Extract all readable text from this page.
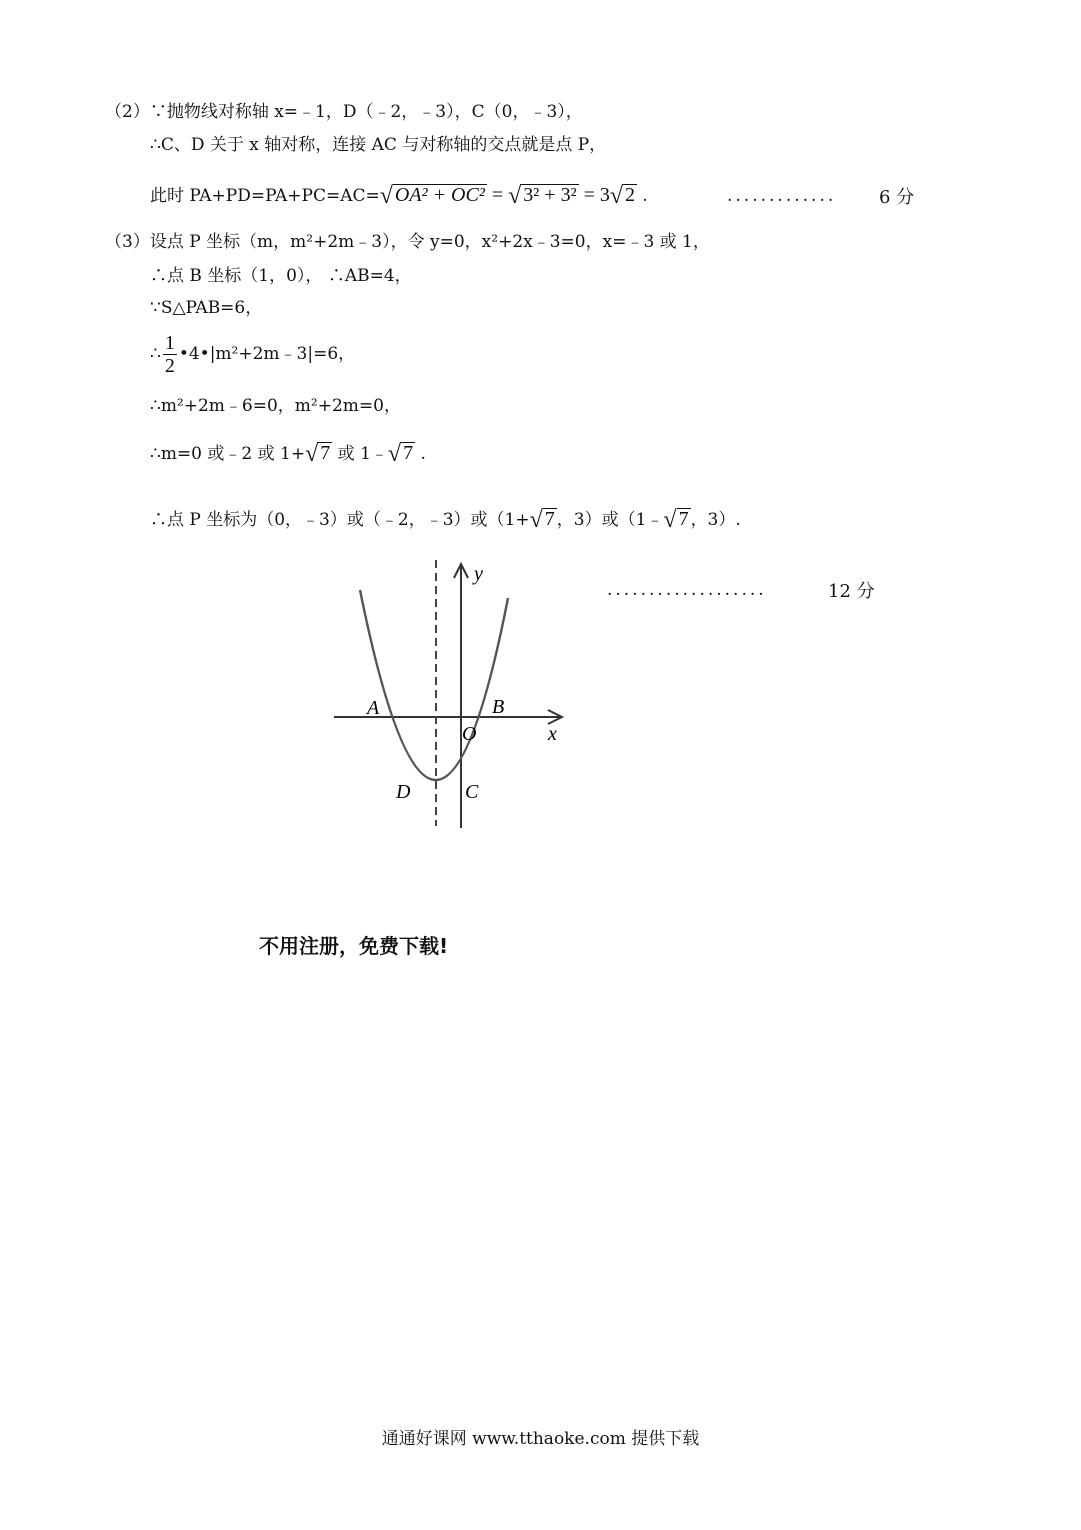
（2）∵抛物线对称轴 x=﹣1，D（﹣2，﹣3），C（0，﹣3），
∴C、D 关于 x 轴对称，连接 AC 与对称轴的交点就是点 P，
此时 PA+PD=PA+PC=AC=√ OA² + OC² = √ 3² + 3² = 3√ 2 .	............. 6 分
（3）设点 P 坐标（m，m²+2m﹣3），令 y=0，x²+2x﹣3=0，x=﹣3 或 1，
∴点 B 坐标（1，0）， ∴AB=4，
∵S△PAB=6，
∴ $\frac{1}{2}$ •4•|m²+2m﹣3|=6，
∴m²+2m﹣6=0，m²+2m=0，
∴m=0 或﹣2 或 1+√ 7 或 1﹣√ 7 .
∴点 P 坐标为（0，﹣3）或（﹣2，﹣3）或（1+√ 7 ，3）或（1﹣√ 7 ，3）.
...................	12 分
y
x
A	B
O
C
D
不用注册，免费下载!
通通好课网 www.tthaoke.com 提供下载
